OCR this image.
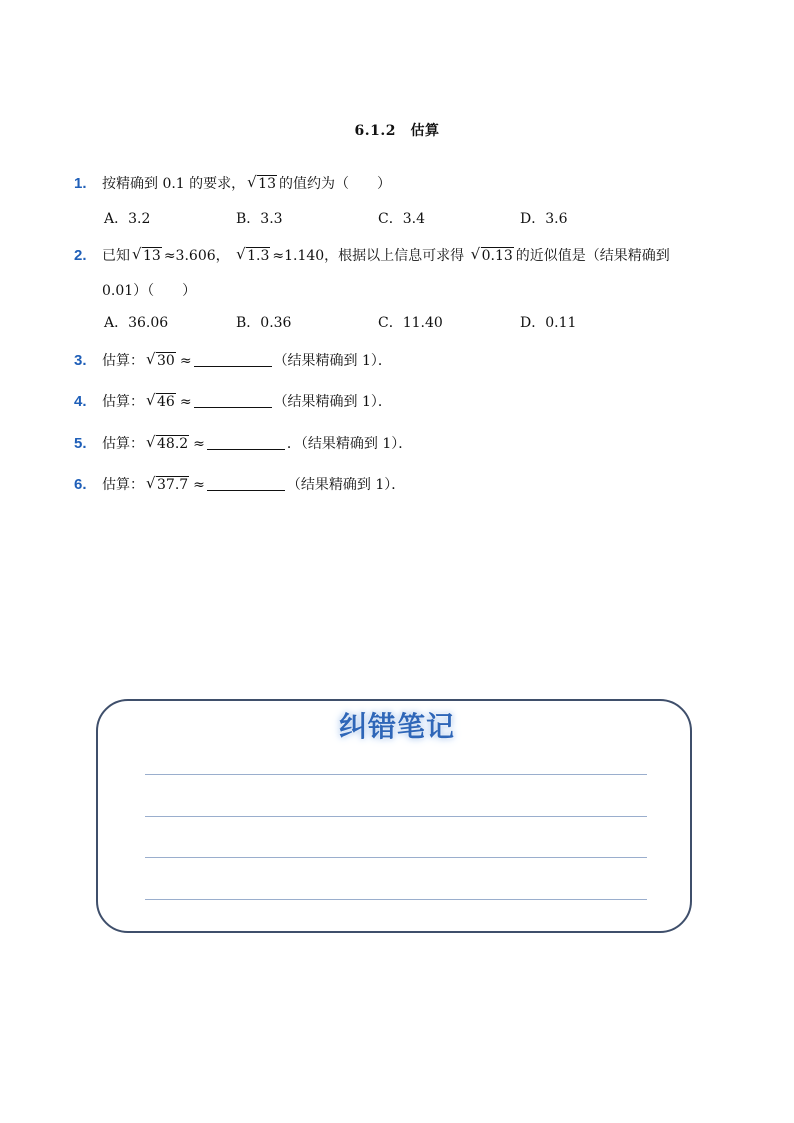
6.1.2　估算
1. 按精确到 0.1 的要求， √ 13 的值约为（　　）
A．3.2	B．3.3	C．3.4	D．3.6
2. 已知 √ 13 ≈3.606， √ 1.3 ≈1.140，根据以上信息可求得 √ 0.13 的近似值是（结果精确到
0.01）（　　）
A．36.06	B．0.36	C．11.40	D．0.11
3. 估算： √ 30 ≈	（结果精确到 1）．
4. 估算： √ 46 ≈	（结果精确到 1）．
5. 估算： √ 48.2 ≈	．（结果精确到 1）．
6. 估算： √ 37.7 ≈	（结果精确到 1）．
纠错笔记
